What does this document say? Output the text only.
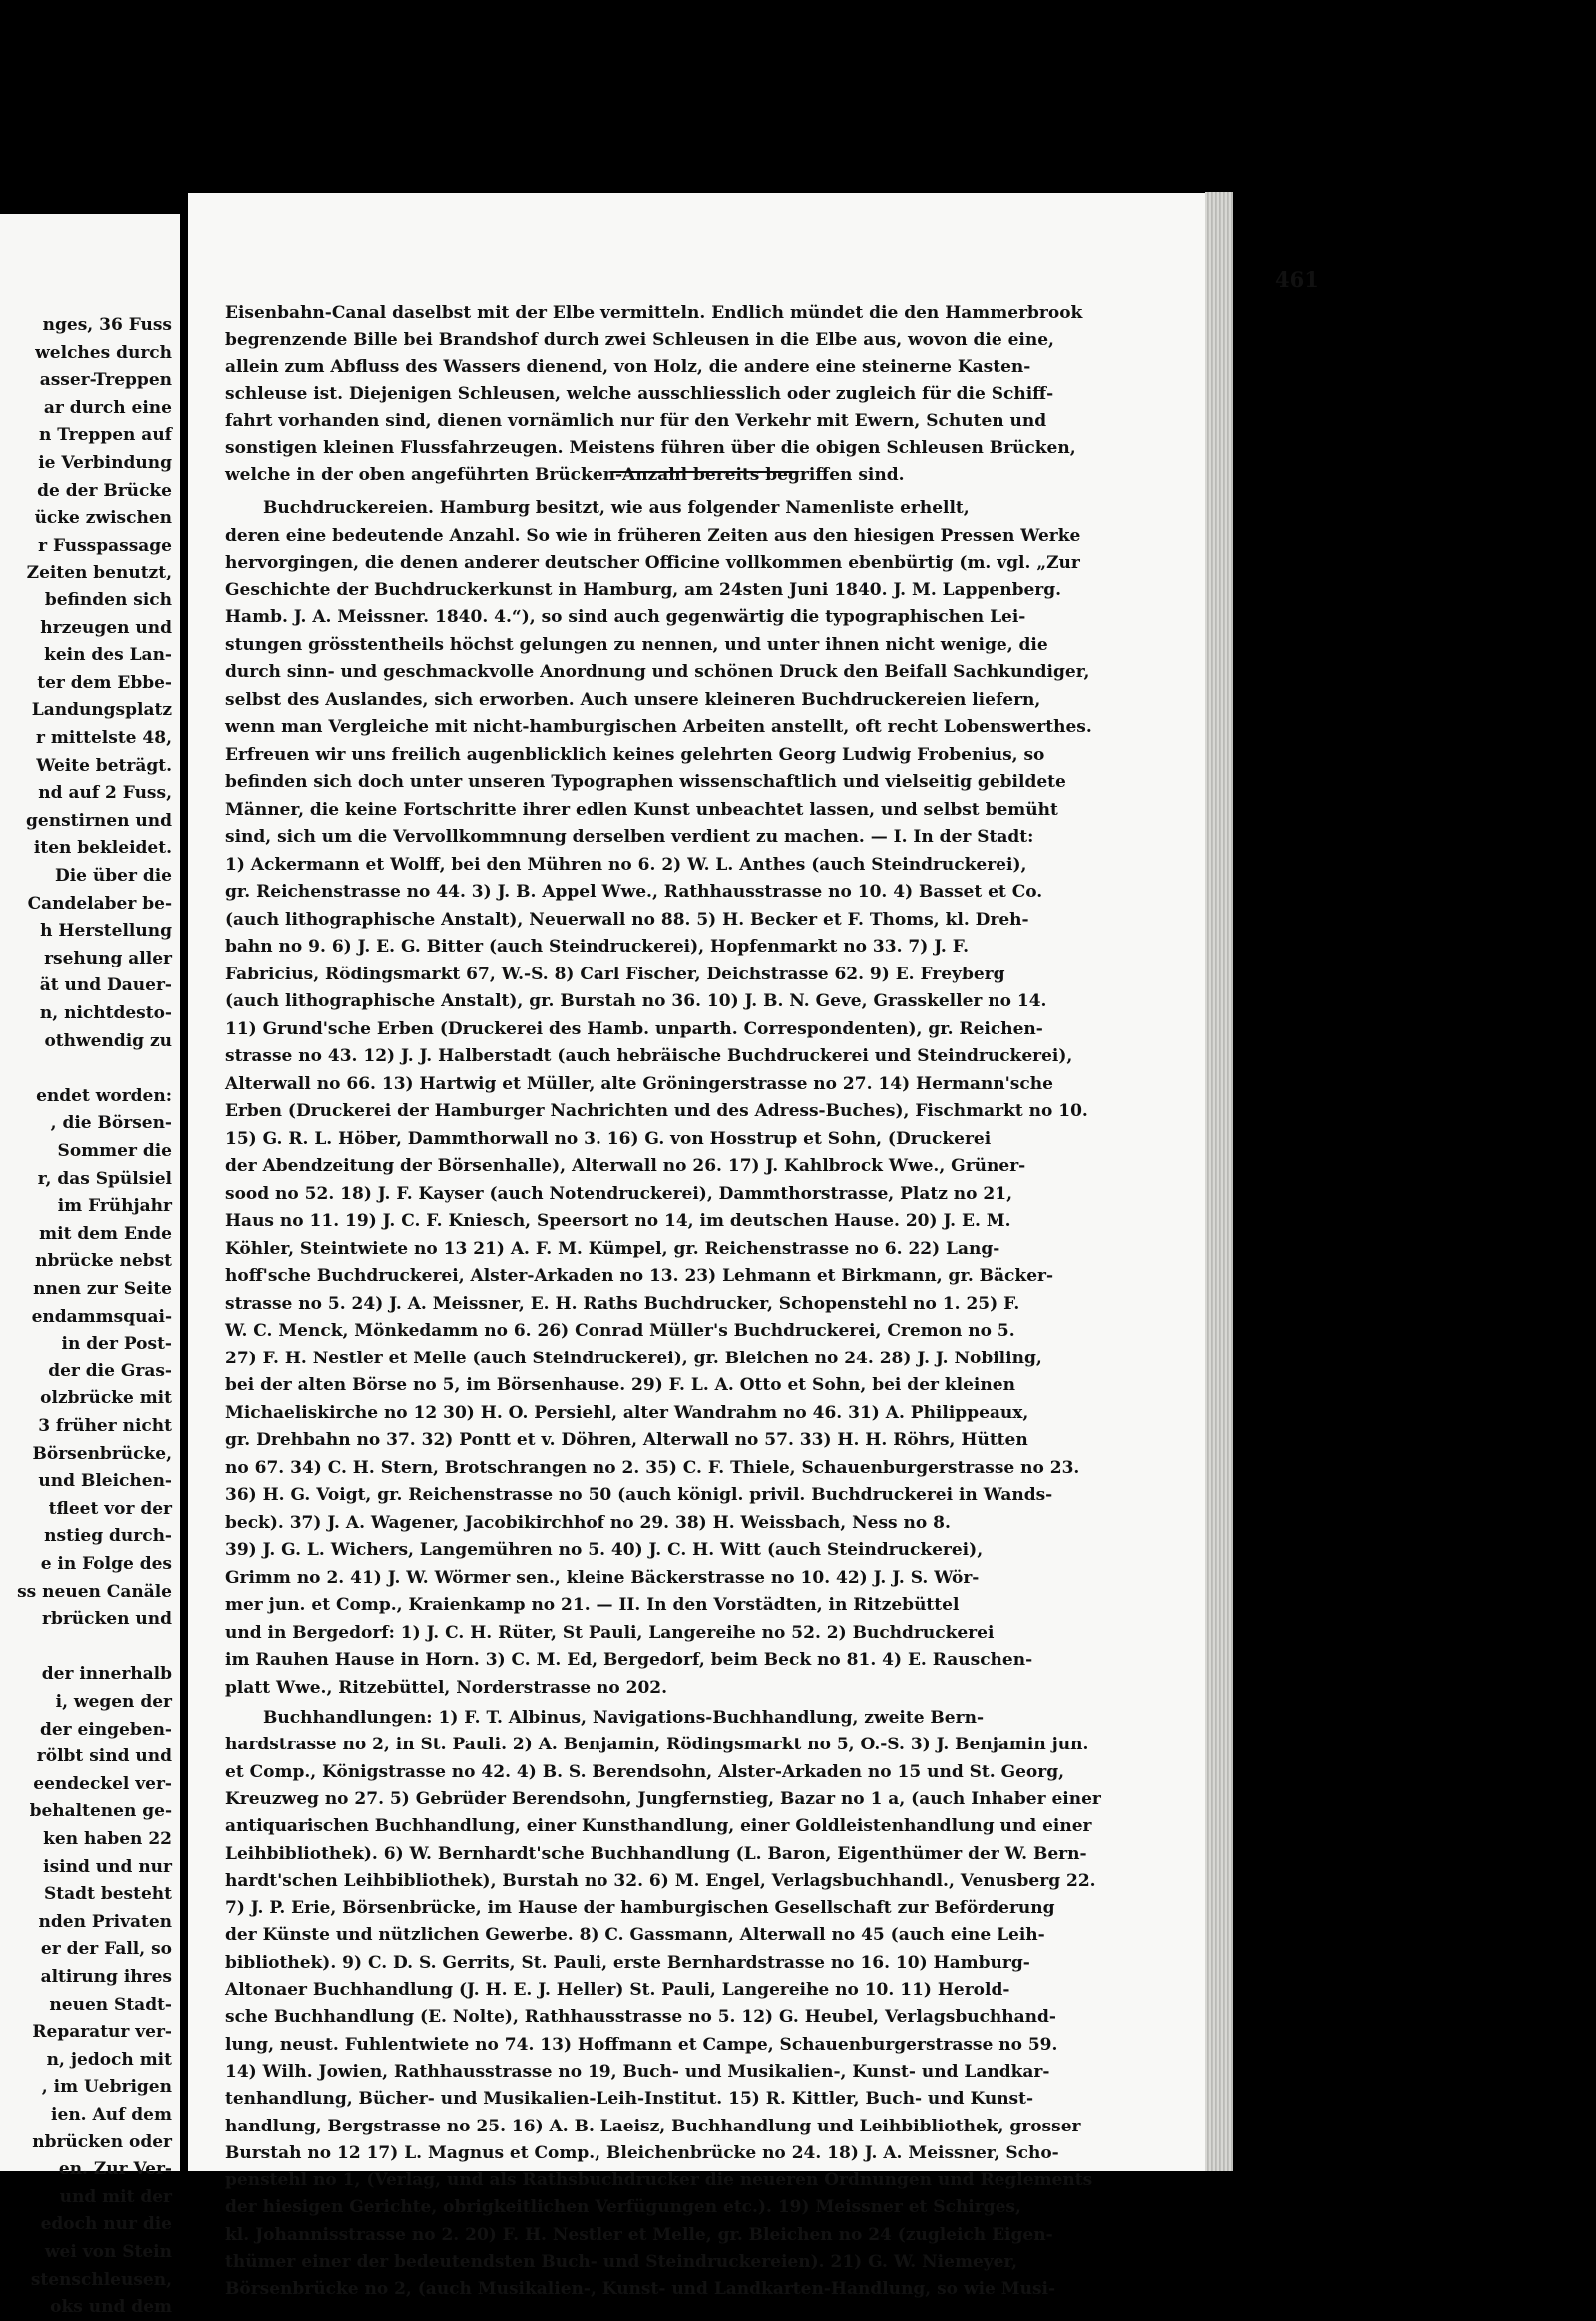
nges, 36 Fuss
welches durch
asser-Treppen
ar durch eine
n Treppen auf
ie Verbindung
de der Brücke
ücke zwischen
r Fusspassage
Zeiten benutzt,
befinden sich
hrzeugen und
kein des Lan-
ter dem Ebbe-
Landungsplatz
r mittelste 48,
Weite beträgt.
nd auf 2 Fuss,
genstirnen und
iten bekleidet.
Die über die
Candelaber be-
h Herstellung
rsehung aller
ät und Dauer-
n, nichtdesto-
othwendig zu
endet worden:
, die Börsen-
Sommer die
r, das Spülsiel
im Frühjahr
mit dem Ende
nbrücke nebst
nnen zur Seite
endammsquai-
in der Post-
der die Gras-
olzbrücke mit
3 früher nicht
Börsenbrücke,
und Bleichen-
tfleet vor der
nstieg durch-
e in Folge des
ss neuen Canäle
rbrücken und
der innerhalb
i, wegen der
der eingeben-
rölbt sind und
eendeckel ver-
behaltenen ge-
ken haben 22
isind und nur
Stadt besteht
nden Privaten
er der Fall, so
altirung ihres
neuen Stadt-
Reparatur ver-
n, jedoch mit
, im Uebrigen
ien. Auf dem
nbrücken oder
en. Zur Ver-
und mit der
edoch nur die
wei von Stein
stenschleusen,
oks und dem
461
Eisenbahn-Canal daselbst mit der Elbe vermitteln. Endlich mündet die den Hammerbrook
begrenzende Bille bei Brandshof durch zwei Schleusen in die Elbe aus, wovon die eine,
allein zum Abfluss des Wassers dienend, von Holz, die andere eine steinerne Kasten-
schleuse ist. Diejenigen Schleusen, welche ausschliesslich oder zugleich für die Schiff-
fahrt vorhanden sind, dienen vornämlich nur für den Verkehr mit Ewern, Schuten und
sonstigen kleinen Flussfahrzeugen. Meistens führen über die obigen Schleusen Brücken,
welche in der oben angeführten Brücken-Anzahl bereits begriffen sind.
Buchdruckereien. Hamburg besitzt, wie aus folgender Namenliste erhellt,
deren eine bedeutende Anzahl. So wie in früheren Zeiten aus den hiesigen Pressen Werke
hervorgingen, die denen anderer deutscher Officine vollkommen ebenbürtig (m. vgl. „Zur
Geschichte der Buchdruckerkunst in Hamburg, am 24sten Juni 1840. J. M. Lappenberg.
Hamb. J. A. Meissner. 1840. 4.“), so sind auch gegenwärtig die typographischen Lei-
stungen grösstentheils höchst gelungen zu nennen, und unter ihnen nicht wenige, die
durch sinn- und geschmackvolle Anordnung und schönen Druck den Beifall Sachkundiger,
selbst des Auslandes, sich erworben. Auch unsere kleineren Buchdruckereien liefern,
wenn man Vergleiche mit nicht-hamburgischen Arbeiten anstellt, oft recht Lobenswerthes.
Erfreuen wir uns freilich augenblicklich keines gelehrten Georg Ludwig Frobenius, so
befinden sich doch unter unseren Typographen wissenschaftlich und vielseitig gebildete
Männer, die keine Fortschritte ihrer edlen Kunst unbeachtet lassen, und selbst bemüht
sind, sich um die Vervollkommnung derselben verdient zu machen. — I. In der Stadt:
1) Ackermann et Wolff, bei den Mühren no 6. 2) W. L. Anthes (auch Steindruckerei),
gr. Reichenstrasse no 44. 3) J. B. Appel Wwe., Rathhausstrasse no 10. 4) Basset et Co.
(auch lithographische Anstalt), Neuerwall no 88. 5) H. Becker et F. Thoms, kl. Dreh-
bahn no 9. 6) J. E. G. Bitter (auch Steindruckerei), Hopfenmarkt no 33. 7) J. F.
Fabricius, Rödingsmarkt 67, W.-S. 8) Carl Fischer, Deichstrasse 62. 9) E. Freyberg
(auch lithographische Anstalt), gr. Burstah no 36. 10) J. B. N. Geve, Grasskeller no 14.
11) Grund'sche Erben (Druckerei des Hamb. unparth. Correspondenten), gr. Reichen-
strasse no 43. 12) J. J. Halberstadt (auch hebräische Buchdruckerei und Steindruckerei),
Alterwall no 66. 13) Hartwig et Müller, alte Gröningerstrasse no 27. 14) Hermann'sche
Erben (Druckerei der Hamburger Nachrichten und des Adress-Buches), Fischmarkt no 10.
15) G. R. L. Höber, Dammthorwall no 3. 16) G. von Hosstrup et Sohn, (Druckerei
der Abendzeitung der Börsenhalle), Alterwall no 26. 17) J. Kahlbrock Wwe., Grüner-
sood no 52. 18) J. F. Kayser (auch Notendruckerei), Dammthorstrasse, Platz no 21,
Haus no 11. 19) J. C. F. Kniesch, Speersort no 14, im deutschen Hause. 20) J. E. M.
Köhler, Steintwiete no 13 21) A. F. M. Kümpel, gr. Reichenstrasse no 6. 22) Lang-
hoff'sche Buchdruckerei, Alster-Arkaden no 13. 23) Lehmann et Birkmann, gr. Bäcker-
strasse no 5. 24) J. A. Meissner, E. H. Raths Buchdrucker, Schopenstehl no 1. 25) F.
W. C. Menck, Mönkedamm no 6. 26) Conrad Müller's Buchdruckerei, Cremon no 5.
27) F. H. Nestler et Melle (auch Steindruckerei), gr. Bleichen no 24. 28) J. J. Nobiling,
bei der alten Börse no 5, im Börsenhause. 29) F. L. A. Otto et Sohn, bei der kleinen
Michaeliskirche no 12 30) H. O. Persiehl, alter Wandrahm no 46. 31) A. Philippeaux,
gr. Drehbahn no 37. 32) Pontt et v. Döhren, Alterwall no 57. 33) H. H. Röhrs, Hütten
no 67. 34) C. H. Stern, Brotschrangen no 2. 35) C. F. Thiele, Schauenburgerstrasse no 23.
36) H. G. Voigt, gr. Reichenstrasse no 50 (auch königl. privil. Buchdruckerei in Wands-
beck). 37) J. A. Wagener, Jacobikirchhof no 29. 38) H. Weissbach, Ness no 8.
39) J. G. L. Wichers, Langemühren no 5. 40) J. C. H. Witt (auch Steindruckerei),
Grimm no 2. 41) J. W. Wörmer sen., kleine Bäckerstrasse no 10. 42) J. J. S. Wör-
mer jun. et Comp., Kraienkamp no 21. — II. In den Vorstädten, in Ritzebüttel
und in Bergedorf: 1) J. C. H. Rüter, St Pauli, Langereihe no 52. 2) Buchdruckerei
im Rauhen Hause in Horn. 3) C. M. Ed, Bergedorf, beim Beck no 81. 4) E. Rauschen-
platt Wwe., Ritzebüttel, Norderstrasse no 202.
Buchhandlungen: 1) F. T. Albinus, Navigations-Buchhandlung, zweite Bern-
hardstrasse no 2, in St. Pauli. 2) A. Benjamin, Rödingsmarkt no 5, O.-S. 3) J. Benjamin jun.
et Comp., Königstrasse no 42. 4) B. S. Berendsohn, Alster-Arkaden no 15 und St. Georg,
Kreuzweg no 27. 5) Gebrüder Berendsohn, Jungfernstieg, Bazar no 1 a, (auch Inhaber einer
antiquarischen Buchhandlung, einer Kunsthandlung, einer Goldleistenhandlung und einer
Leihbibliothek). 6) W. Bernhardt'sche Buchhandlung (L. Baron, Eigenthümer der W. Bern-
hardt'schen Leihbibliothek), Burstah no 32. 6) M. Engel, Verlagsbuchhandl., Venusberg 22.
7) J. P. Erie, Börsenbrücke, im Hause der hamburgischen Gesellschaft zur Beförderung
der Künste und nützlichen Gewerbe. 8) C. Gassmann, Alterwall no 45 (auch eine Leih-
bibliothek). 9) C. D. S. Gerrits, St. Pauli, erste Bernhardstrasse no 16. 10) Hamburg-
Altonaer Buchhandlung (J. H. E. J. Heller) St. Pauli, Langereihe no 10. 11) Herold-
sche Buchhandlung (E. Nolte), Rathhausstrasse no 5. 12) G. Heubel, Verlagsbuchhand-
lung, neust. Fuhlentwiete no 74. 13) Hoffmann et Campe, Schauenburgerstrasse no 59.
14) Wilh. Jowien, Rathhausstrasse no 19, Buch- und Musikalien-, Kunst- und Landkar-
tenhandlung, Bücher- und Musikalien-Leih-Institut. 15) R. Kittler, Buch- und Kunst-
handlung, Bergstrasse no 25. 16) A. B. Laeisz, Buchhandlung und Leihbibliothek, grosser
Burstah no 12 17) L. Magnus et Comp., Bleichenbrücke no 24. 18) J. A. Meissner, Scho-
penstehl no 1, (Verlag, und als Rathsbuchdrucker die neueren Ordnungen und Reglements
der hiesigen Gerichte, obrigkeitlichen Verfügungen etc.). 19) Meissner et Schirges,
kl. Johannisstrasse no 2. 20) F. H. Nestler et Melle, gr. Bleichen no 24 (zugleich Eigen-
thümer einer der bedeutendsten Buch- und Steindruckereien). 21) G. W. Niemeyer,
Börsenbrücke no 2, (auch Musikalien-, Kunst- und Landkarten-Handlung, so wie Musi-
